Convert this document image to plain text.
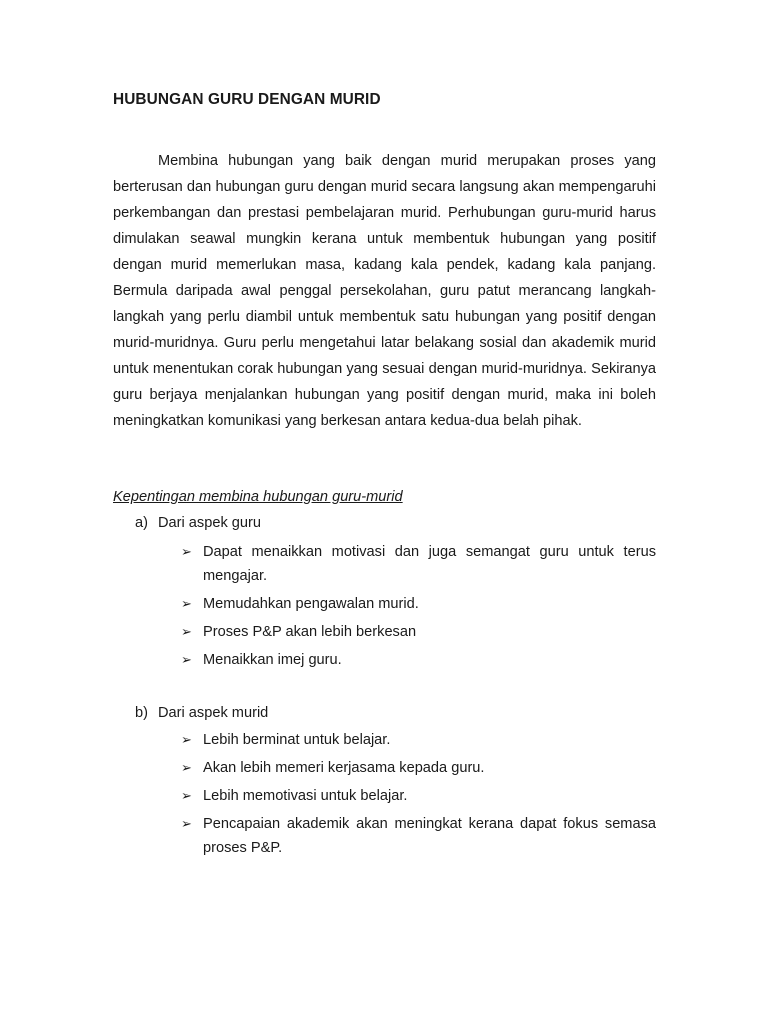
HUBUNGAN GURU DENGAN MURID

Membina hubungan yang baik dengan murid merupakan proses yang berterusan dan hubungan guru dengan murid secara langsung akan mempengaruhi perkembangan dan prestasi pembelajaran murid. Perhubungan guru-murid harus dimulakan seawal mungkin kerana untuk membentuk hubungan yang positif dengan murid memerlukan masa, kadang kala pendek, kadang kala panjang. Bermula daripada awal penggal persekolahan, guru patut merancang langkah-langkah yang perlu diambil untuk membentuk satu hubungan yang positif dengan murid-muridnya. Guru perlu mengetahui latar belakang sosial dan akademik murid untuk menentukan corak hubungan yang sesuai dengan murid-muridnya. Sekiranya guru berjaya menjalankan hubungan yang positif dengan murid, maka ini boleh meningkatkan komunikasi yang berkesan antara kedua-dua belah pihak.

Kepentingan membina hubungan guru-murid

a) Dari aspek guru

➢ Dapat menaikkan motivasi dan juga semangat guru untuk terus mengajar.
➢ Memudahkan pengawalan murid.
➢ Proses P&P akan lebih berkesan
➢ Menaikkan imej guru.

b) Dari aspek murid

➢ Lebih berminat untuk belajar.
➢ Akan lebih memeri kerjasama kepada guru.
➢ Lebih memotivasi untuk belajar.
➢ Pencapaian akademik akan meningkat kerana dapat fokus semasa proses P&P.
